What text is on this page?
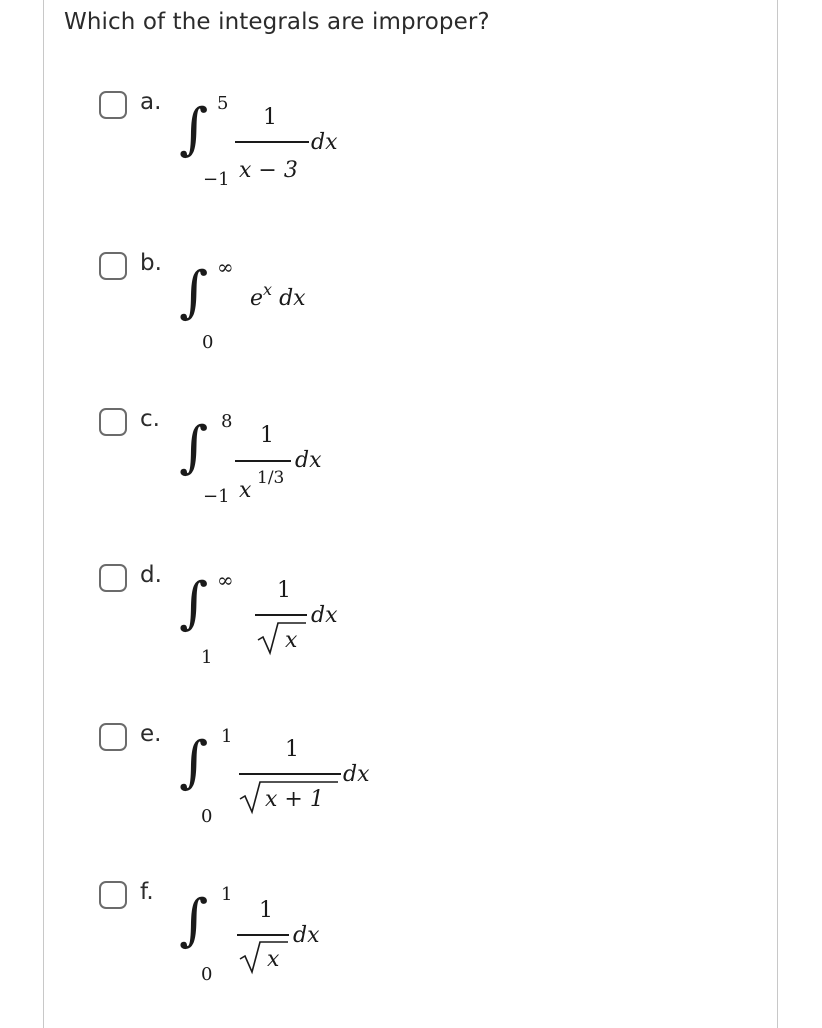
Which of the integrals are improper?
a. ∫ 5
−1
1
x − 3
dx
b. ∫ ∞
0
$e^x$ dx
c. ∫ 8
−1
1
x 1/3
dx
d. ∫ ∞
1
1
x
dx
e. ∫ 1
0
1
x + 1
dx
f. ∫ 1
0
1
x
dx
